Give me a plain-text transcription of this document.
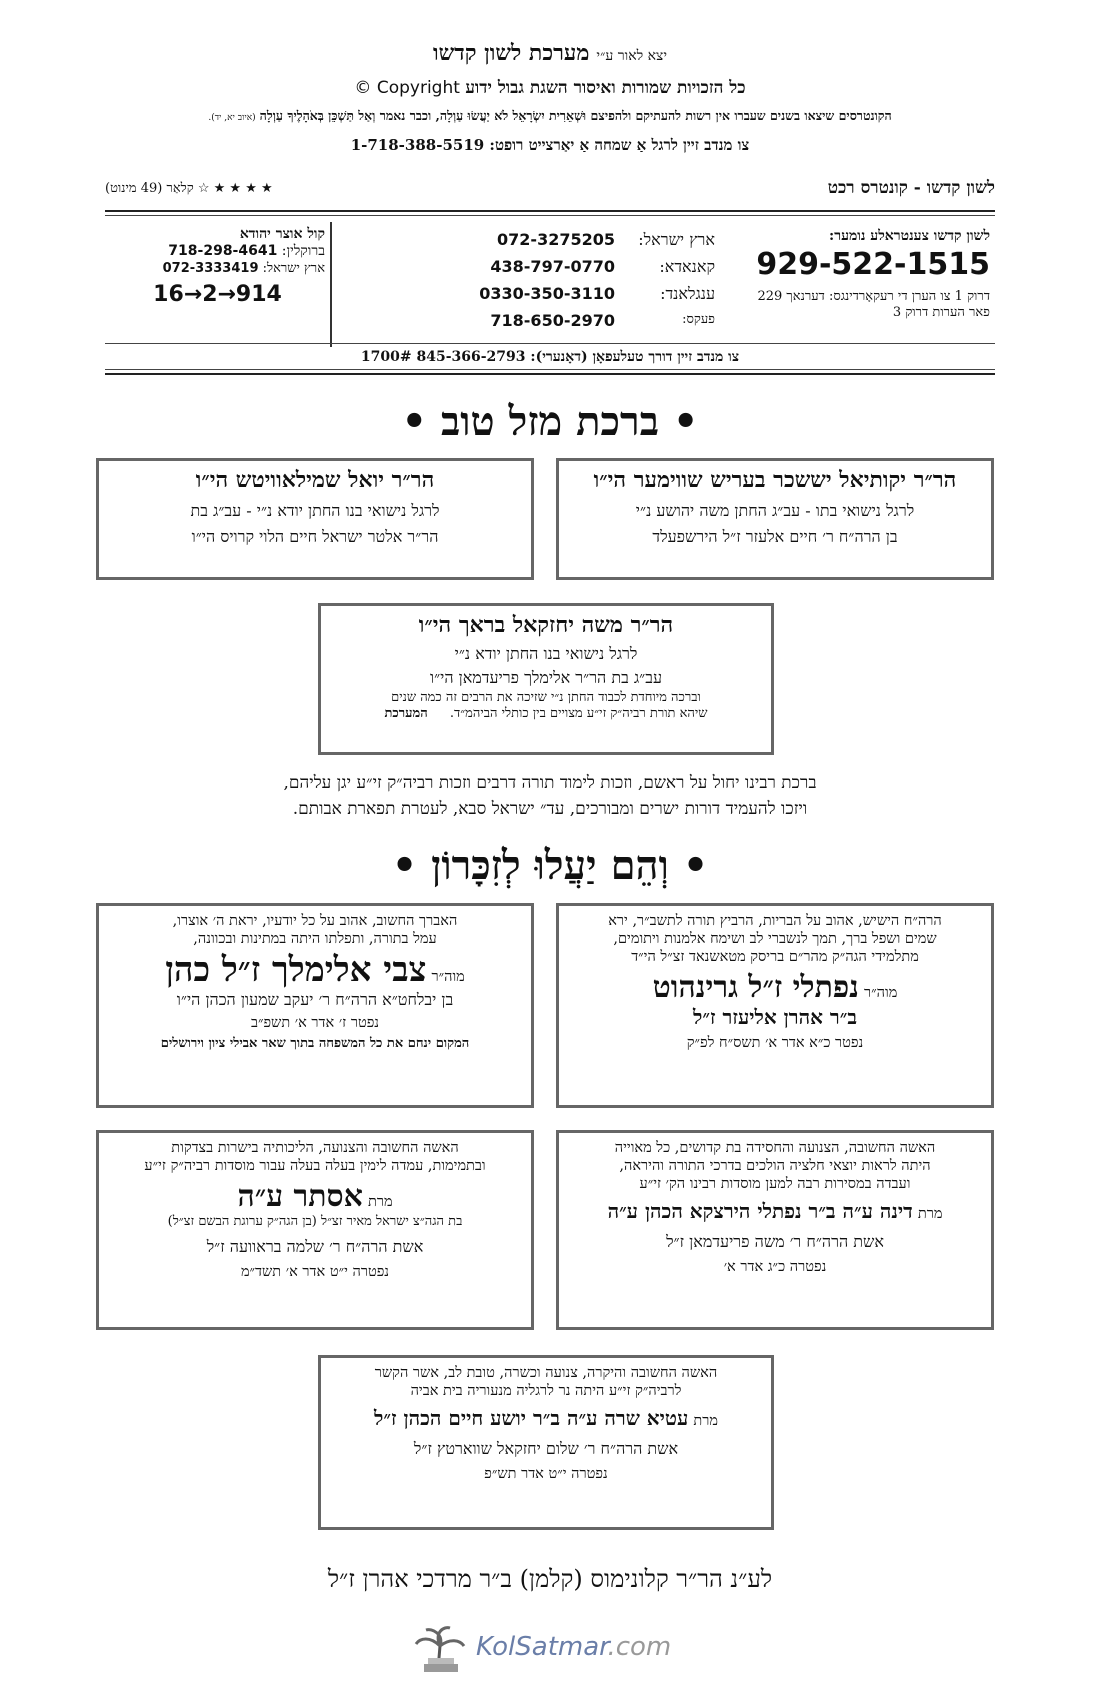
יצא לאור ע״י מערכת לשון קדשו
כל הזכויות שמורות ואיסור השגת גבול ידוע Copyright ©
הקונטרסים שיצאו בשנים שעברו אין רשות להעתיקם ולהפיצם וּשְׁאֵרִית יִשְׂרָאֵל לֹא יַעֲשׂוּ עַוְלָה, וכבר נאמר וְאַל תַּשְׁכֵּן בְּאֹהָלֶיךָ עַוְלָה (איוב יא, יד).
צו מנדב זיין לרגל אַ שמחה אַ יאַרצייט רופט: 1-718-388-5519
לשון קדשו - קונטרס רכט
★ ★ ★ ★ ☆ קלאַר (49 מינוט)
לשון קדשו צענטראלע נומער:
929-522-1515
דרוק 1 צו הערן די רעקאָרדינגס: דערנאך 229
פאר הערות דרוק 3
ארץ ישראל:
072-3275205
קאנאדא:
438-797-0770
ענגלאנד:
0330-350-3110
פעקס:
718-650-2970
קול אוצר יהודא
ברוקלין: 718-298-4641
ארץ ישראל: 072-3333419
16→2→914
צו מנדב זיין דורך טעלעפאָן (דאָנערי): 845-366-2793 1700#
• ברכת מזל טוב •
הר״ר יקותיאל יששכר בעריש שווימער הי״ו
לרגל נישואי בתו - עב״ג החתן משה יהושע נ״י
בן הרה״ח ר׳ חיים אלעזר ז״ל הירשפעלד
הר״ר יואל שמילאוויטש הי״ו
לרגל נישואי בנו החתן יודא נ״י - עב״ג בת
הר״ר אלטר ישראל חיים הלוי קרויס הי״ו
הר״ר משה יחזקאל בראך הי״ו
לרגל נישואי בנו החתן יודא נ״י
עב״ג בת הר״ר אלימלך פריעדמאן הי״ו
וברכה מיוחדת לכבוד החתן נ״י שזיכה את הרבים זה כמה שנים
שיהא תורת רביה״ק זי״ע מצויים בין כותלי הביהמ״ד. המערכת
ברכת רבינו יחול על ראשם, וזכות לימוד תורה דרבים וזכות רביה״ק זי״ע יגן עליהם,
ויזכו להעמיד דורות ישרים ומבורכים, עד״ ישראל סבא, לעטרת תפארת אבותם.
• וְהֵם יַעֲלוּ לְזִכָּרוֹן •
הרה״ח הישיש, אהוב על הבריות, הרביץ תורה לתשב״ר, ירא
שמים ושפל ברך, תמך לנשברי לב ושימח אלמנות ויתומים,
מתלמידי הגה״ק מהר״ם בריסק מטאשנאד זצ״ל הי״ד
מוה״ר נפתלי ז״ל גרינהוט
ב״ר אהרן אליעזר ז״ל
נפטר כ״א אדר א׳ תשס״ח לפ״ק
האברך החשוב, אהוב על כל יודעיו, יראת ה׳ אוצרו,
עמל בתורה, ותפלתו היתה במתינות ובכוונה,
מוה״ר צבי אלימלך ז״ל כהן
בן יבלחט״א הרה״ח ר׳ יעקב שמעון הכהן הי״ו
נפטר ז׳ אדר א׳ תשפ״ב
המקום ינחם את כל המשפחה בתוך שאר אבילי ציון וירושלים
האשה החשובה, הצנועה והחסידה בת קדושים, כל מאוייה
היתה לראות יוצאי חלציה הולכים בדרכי התורה והיראה,
ועבדה במסירות רבה למען מוסדות רבינו הק׳ זי״ע
מרת דינה ע״ה ב״ר נפתלי הירצקא הכהן ע״ה
אשת הרה״ח ר׳ משה פריעדמאן ז״ל
נפטרה כ״ג אדר א׳
האשה החשובה והצנועה, הליכותיה בישרות בצדקות
ובתמימות, עמדה לימין בעלה בעלה עבור מוסדות רביה״ק זי״ע
מרת אסתר ע״ה
בת הגה״צ ישראל מאיר זצ״ל (בן הגה״ק ערוגת הבשם זצ״ל)
אשת הרה״ח ר׳ שלמה בראוועה ז״ל
נפטרה י״ט אדר א׳ תשד״מ
האשה החשובה והיקרה, צנועה וכשרה, טובת לב, אשר הקשר
לרביה״ק זי״ע היתה נר לרגליה מנעוריה בית אביה
מרת עטיא שרה ע״ה ב״ר יושע חיים הכהן ז״ל
אשת הרה״ח ר׳ שלום יחזקאל שווארטץ ז״ל
נפטרה י״ט אדר תש״פ
לע״נ הר״ר קלונימוס (קלמן) ב״ר מרדכי אהרן ז״ל
KolSatmar.com
